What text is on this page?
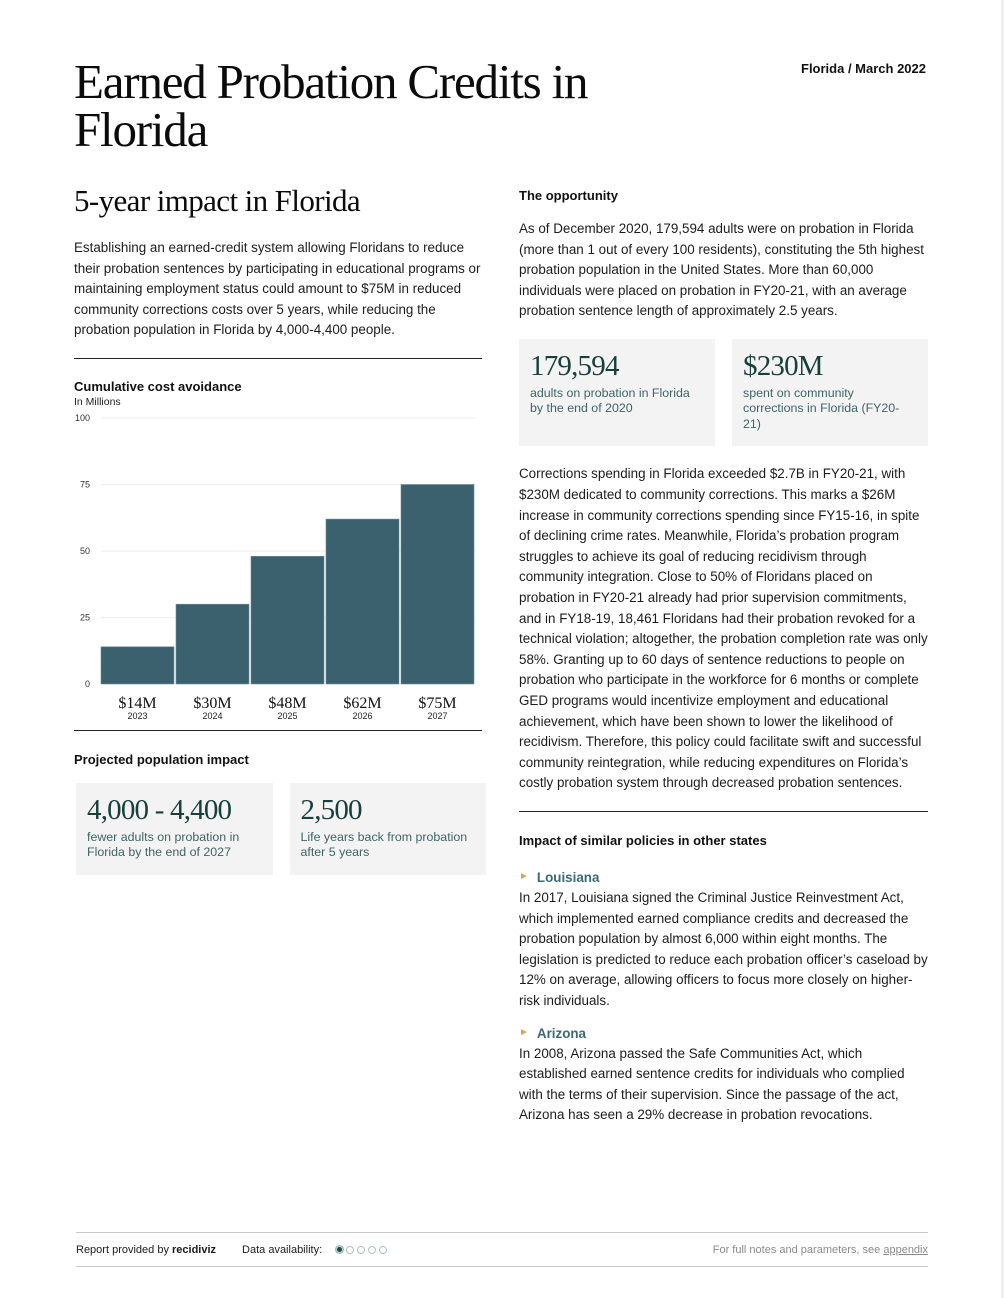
Earned Probation Credits in Florida
Florida / March 2022
5-year impact in Florida

Establishing an earned-credit system allowing Floridans to reduce their probation sentences by participating in educational programs or maintaining employment status could amount to $75M in reduced community corrections costs over 5 years, while reducing the probation population in Florida by 4,000-4,400 people.

Cumulative cost avoidance
In Millions
0
25
50
75
100
$14M
2023
$30M
2024
$48M
2025
$62M
2026
$75M
2027
Projected population impact
4,000 - 4,400
fewer adults on probation in Florida by the end of 2027
2,500
Life years back from probation after 5 years
The opportunity

As of December 2020, 179,594 adults were on probation in Florida (more than 1 out of every 100 residents), constituting the 5th highest probation population in the United States. More than 60,000 individuals were placed on probation in FY20-21, with an average probation sentence length of approximately 2.5 years.

179,594
adults on probation in Florida by the end of 2020
$230M
spent on community corrections in Florida (FY20-21)

Corrections spending in Florida exceeded $2.7B in FY20-21, with $230M dedicated to community corrections. This marks a $26M increase in community corrections spending since FY15-16, in spite of declining crime rates. Meanwhile, Florida’s probation program struggles to achieve its goal of reducing recidivism through community integration. Close to 50% of Floridans placed on probation in FY20-21 already had prior supervision commitments, and in FY18-19, 18,461 Floridans had their probation revoked for a technical violation; altogether, the probation completion rate was only 58%. Granting up to 60 days of sentence reductions to people on probation who participate in the workforce for 6 months or complete GED programs would incentivize employment and educational achievement, which have been shown to lower the likelihood of recidivism. Therefore, this policy could facilitate swift and successful community reintegration, while reducing expenditures on Florida’s costly probation system through decreased probation sentences.

Impact of similar policies in other states
► Louisiana

In 2017, Louisiana signed the Criminal Justice Reinvestment Act, which implemented earned compliance credits and decreased the probation population by almost 6,000 within eight months. The legislation is predicted to reduce each probation officer’s caseload by 12% on average, allowing officers to focus more closely on higher-risk individuals.

► Arizona

In 2008, Arizona passed the Safe Communities Act, which established earned sentence credits for individuals who complied with the terms of their supervision. Since the passage of the act, Arizona has seen a 29% decrease in probation revocations.

Report provided by recidiviz Data availability:	For full notes and parameters, see appendix
